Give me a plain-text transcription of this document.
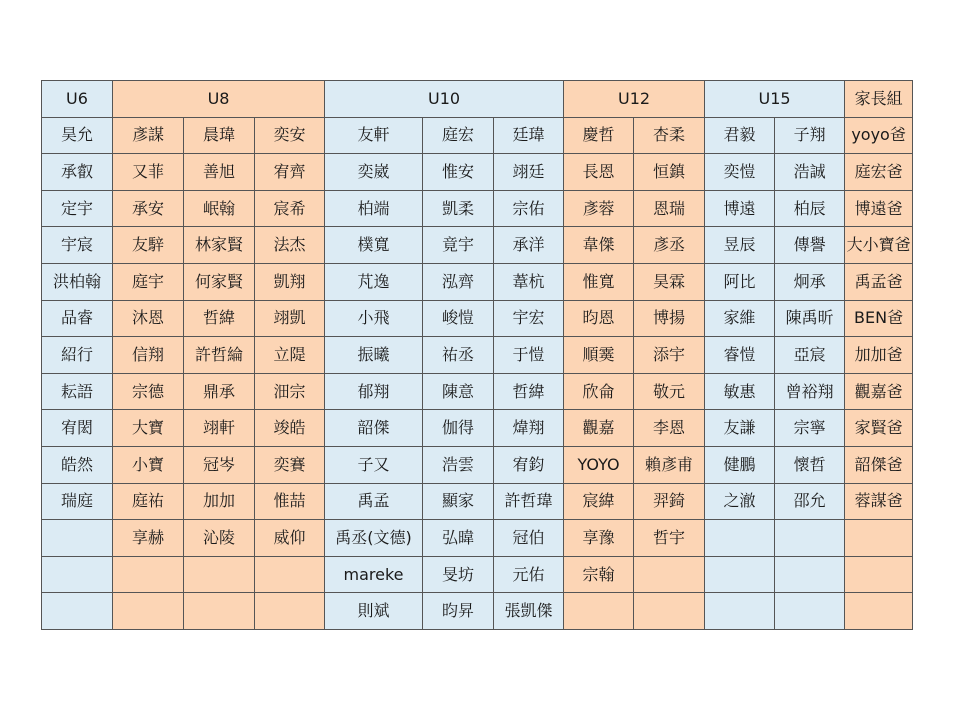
U6	U8			U10			U12		U15		家長組
昊允	彥謀	晨瑋	奕安	友軒	庭宏	廷瑋	慶哲	杏柔	君毅	子翔	yoyo爸
承叡	又菲	善旭	宥齊	奕崴	惟安	翊廷	長恩	恒鎮	奕愷	浩誠	庭宏爸
定宇	承安	岷翰	宸希	柏端	凱柔	宗佑	彥蓉	恩瑞	博遠	柏辰	博遠爸
宇宸	友騂	林家賢	法杰	樸寬	竟宇	承洋	韋傑	彥丞	昱辰	傳譽	大小寶爸
洪柏翰	庭宇	何家賢	凱翔	芃逸	泓齊	葦杭	惟寬	昊霖	阿比	炯承	禹孟爸
品睿	沐恩	哲緯	翊凱	小飛	峻愷	宇宏	昀恩	博揚	家維	陳禹昕	BEN爸
紹行	信翔	許哲綸	立隄	振曦	祐丞	于愷	順霙	添宇	睿愷	亞宸	加加爸
耘語	宗德	鼎承	沺宗	郁翔	陳意	哲緯	欣侖	敬元	敏惠	曾裕翔	觀嘉爸
宥閎	大寶	翊軒	竣皓	韶傑	伽得	煒翔	觀嘉	李恩	友謙	宗寧	家賢爸
皓然	小寶	冠岑	奕賽	子又	浩雲	宥鈞	YOYO	賴彥甫	健鵬	懷哲	韶傑爸
瑞庭	庭祐	加加	惟喆	禹孟	顯家	許哲瑋	宸緯	羿錡	之澈	邵允	蓉謀爸
	享赫	沁陵	威仰	禹丞(文德)	弘暐	冠伯	享豫	哲宇			
				mareke	旻坊	元佑	宗翰				
				則斌	昀昇	張凱傑					
